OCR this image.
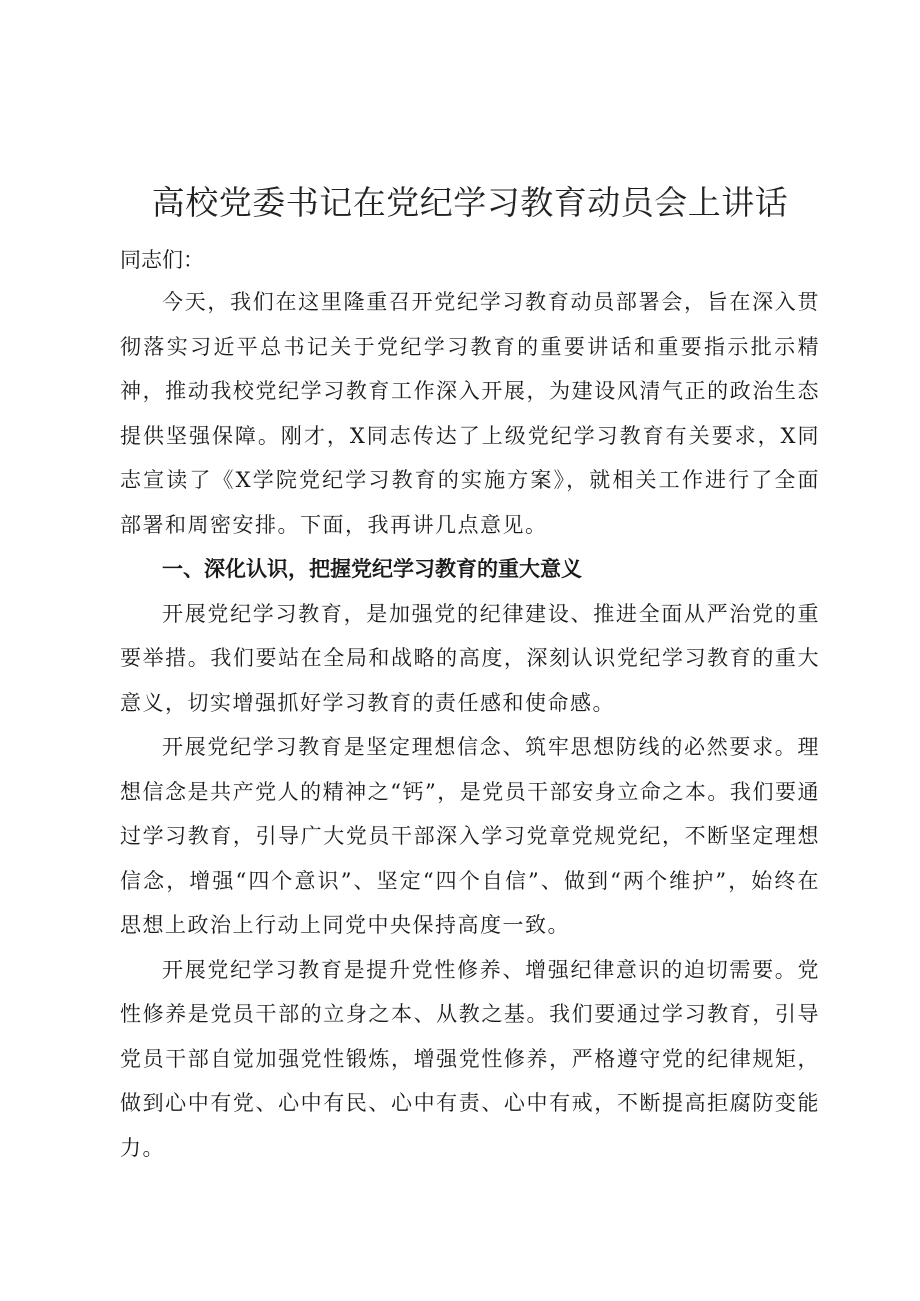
高校党委书记在党纪学习教育动员会上讲话

同志们：

今天，我们在这里隆重召开党纪学习教育动员部署会，旨在深入贯彻落实习近平总书记关于党纪学习教育的重要讲话和重要指示批示精神，推动我校党纪学习教育工作深入开展，为建设风清气正的政治生态提供坚强保障。刚才，X同志传达了上级党纪学习教育有关要求，X同志宣读了《X学院党纪学习教育的实施方案》，就相关工作进行了全面部署和周密安排。下面，我再讲几点意见。

一、深化认识，把握党纪学习教育的重大意义

开展党纪学习教育，是加强党的纪律建设、推进全面从严治党的重要举措。我们要站在全局和战略的高度，深刻认识党纪学习教育的重大意义，切实增强抓好学习教育的责任感和使命感。

开展党纪学习教育是坚定理想信念、筑牢思想防线的必然要求。理想信念是共产党人的精神之“钙”，是党员干部安身立命之本。我们要通过学习教育，引导广大党员干部深入学习党章党规党纪，不断坚定理想信念，增强“四个意识”、坚定“四个自信”、做到“两个维护”，始终在思想上政治上行动上同党中央保持高度一致。

开展党纪学习教育是提升党性修养、增强纪律意识的迫切需要。党性修养是党员干部的立身之本、从教之基。我们要通过学习教育，引导党员干部自觉加强党性锻炼，增强党性修养，严格遵守党的纪律规矩，做到心中有党、心中有民、心中有责、心中有戒，不断提高拒腐防变能力。
